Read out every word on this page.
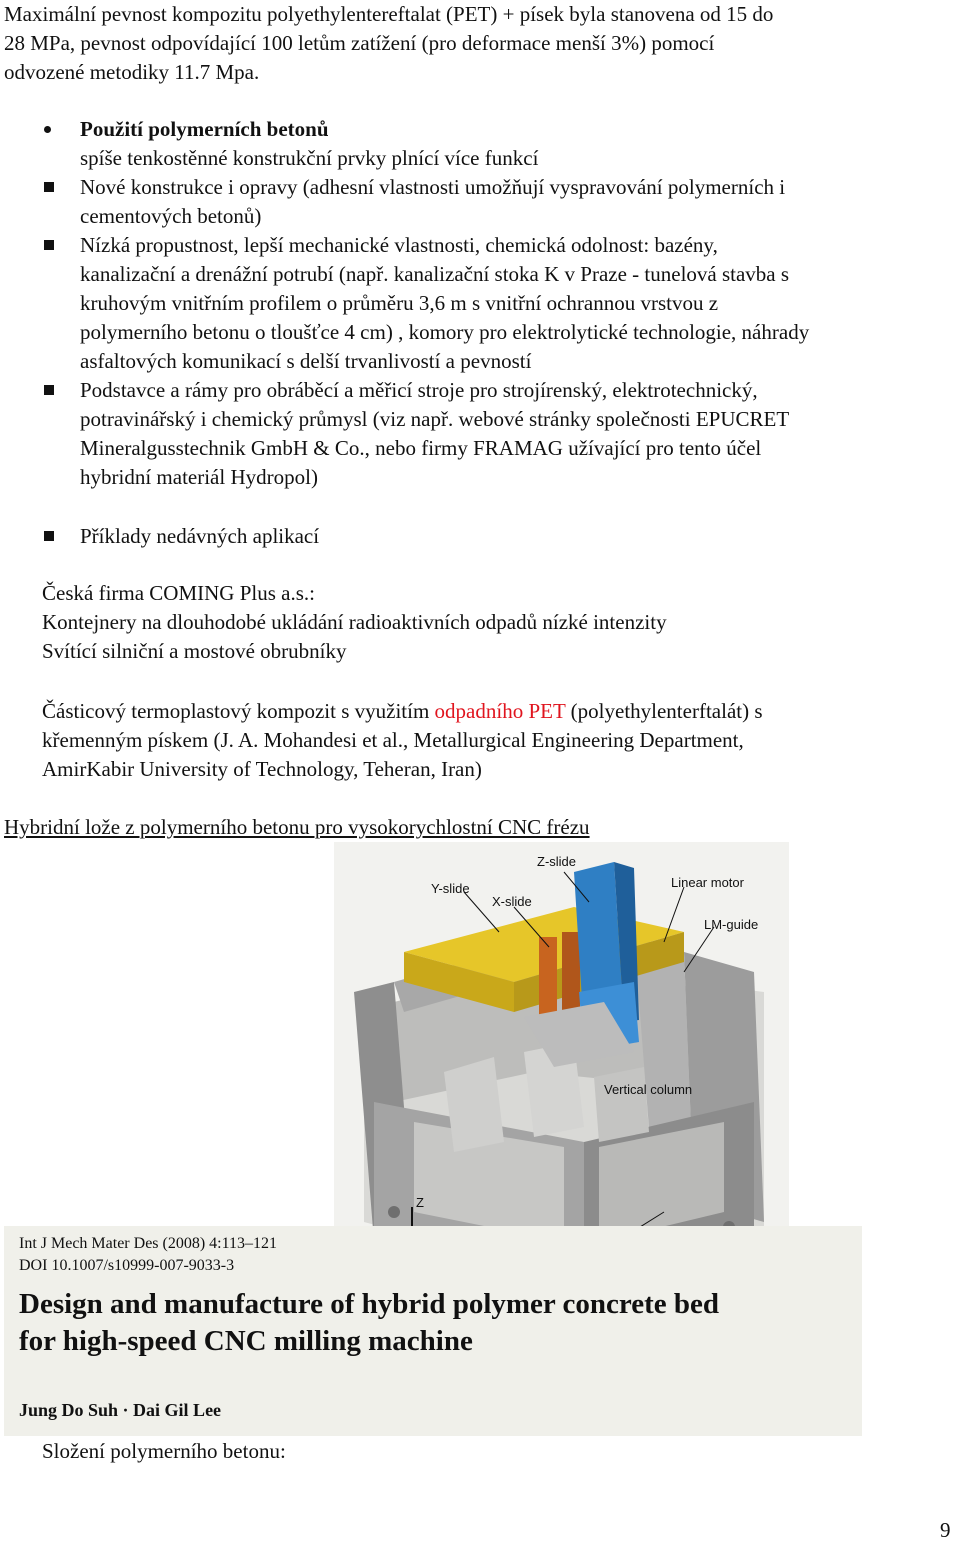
Maximální pevnost kompozitu polyethylentereftalat (PET) + písek byla stanovena od 15 do
28 MPa, pevnost odpovídající 100 letům zatížení (pro deformace menší 3%) pomocí
odvozené metodiky 11.7 Mpa.
Použití polymerních betonů
spíše tenkostěnné konstrukční prvky plnící více funkcí
Nové konstrukce i opravy (adhesní vlastnosti umožňují vyspravování polymerních i
cementových betonů)
Nízká propustnost, lepší mechanické vlastnosti, chemická odolnost: bazény,
kanalizační a drenážní potrubí (např. kanalizační stoka K v Praze - tunelová stavba s
kruhovým vnitřním profilem o průměru 3,6 m s vnitřní ochrannou vrstvou z
polymerního betonu o tloušťce 4 cm) , komory pro elektrolytické technologie, náhrady
asfaltových komunikací s delší trvanlivostí a pevností
Podstavce a rámy pro obráběcí a měřicí stroje pro strojírenský, elektrotechnický,
potravinářský i chemický průmysl (viz např. webové stránky společnosti EPUCRET
Mineralgusstechnik GmbH & Co., nebo firmy FRAMAG užívající pro tento účel
hybridní materiál Hydropol)
Příklady nedávných aplikací
Česká firma COMING Plus a.s.:
Kontejnery na dlouhodobé ukládání radioaktivních odpadů nízké intenzity
Svítící silniční a mostové obrubníky
Částicový termoplastový kompozit s využitím odpadního PET (polyethylenterftalát) s
křemenným pískem (J. A. Mohandesi et al., Metallurgical Engineering Department,
AmirKabir University of Technology, Teheran, Iran)
Hybridní lože z polymerního betonu pro vysokorychlostní CNC frézu
Z-slide
Y-slide
X-slide
Linear motor
LM-guide
Vertical column
Z
Int J Mech Mater Des (2008) 4:113–121
DOI 10.1007/s10999-007-9033-3
Design and manufacture of hybrid polymer concrete bed
for high-speed CNC milling machine
Jung Do Suh · Dai Gil Lee
Složení polymerního betonu:
9
